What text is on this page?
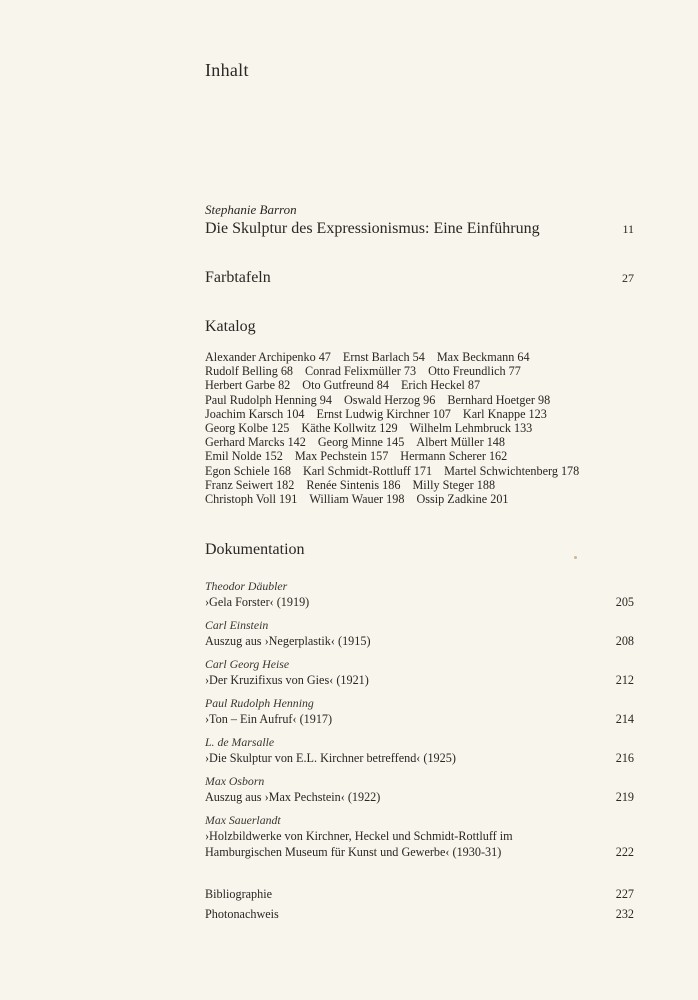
Inhalt
Stephanie Barron
Die Skulptur des Expressionismus: Eine Einführung	11
Farbtafeln	27
Katalog
Alexander Archipenko 47 Ernst Barlach 54 Max Beckmann 64
Rudolf Belling 68 Conrad Felixmüller 73 Otto Freundlich 77
Herbert Garbe 82 Oto Gutfreund 84 Erich Heckel 87
Paul Rudolph Henning 94 Oswald Herzog 96 Bernhard Hoetger 98
Joachim Karsch 104 Ernst Ludwig Kirchner 107 Karl Knappe 123
Georg Kolbe 125 Käthe Kollwitz 129 Wilhelm Lehmbruck 133
Gerhard Marcks 142 Georg Minne 145 Albert Müller 148
Emil Nolde 152 Max Pechstein 157 Hermann Scherer 162
Egon Schiele 168 Karl Schmidt-Rottluff 171 Martel Schwichtenberg 178
Franz Seiwert 182 Renée Sintenis 186 Milly Steger 188
Christoph Voll 191 William Wauer 198 Ossip Zadkine 201
Dokumentation
Theodor Däubler
›Gela Forster‹ (1919)	205
Carl Einstein
Auszug aus ›Negerplastik‹ (1915)	208
Carl Georg Heise
›Der Kruzifixus von Gies‹ (1921)	212
Paul Rudolph Henning
›Ton – Ein Aufruf‹ (1917)	214
L. de Marsalle
›Die Skulptur von E.L. Kirchner betreffend‹ (1925)	216
Max Osborn
Auszug aus ›Max Pechstein‹ (1922)	219
Max Sauerlandt
›Holzbildwerke von Kirchner, Heckel und Schmidt-Rottluff im
Hamburgischen Museum für Kunst und Gewerbe‹ (1930-31)	222
Bibliographie	227
Photonachweis	232
